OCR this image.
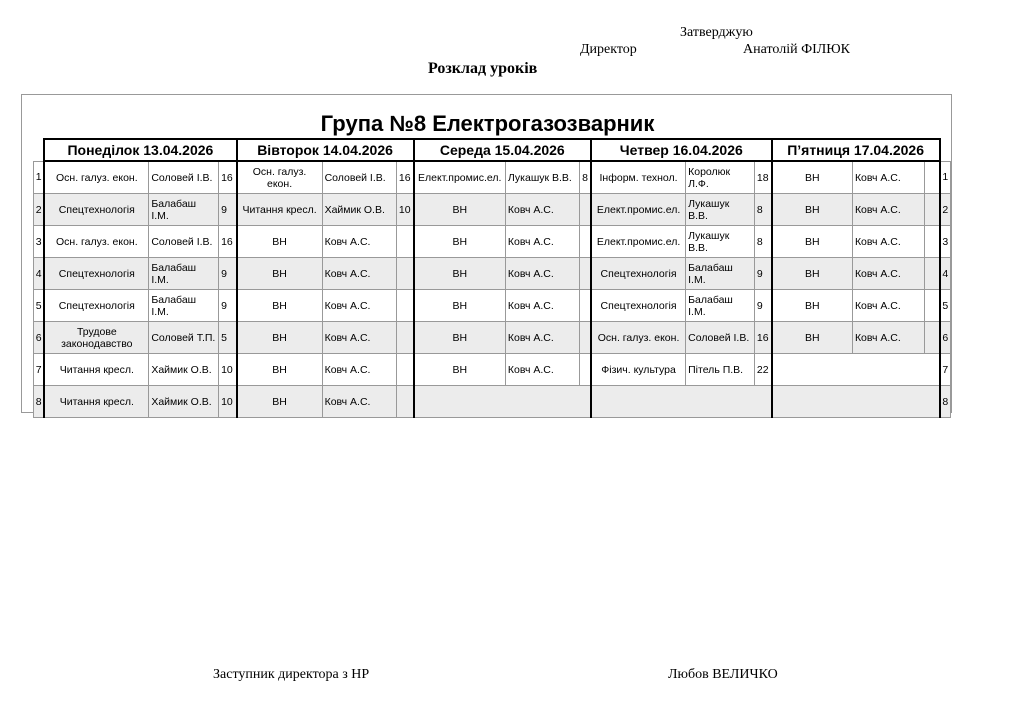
Затверджую
Директор	Анатолій ФІЛЮК
Розклад уроків
Група №8 Електрогазозварник
	Понеділок 13.04.2026			Вівторок 14.04.2026			Середа 15.04.2026			Четвер 16.04.2026			П’ятниця 17.04.2026			
1	Осн. галуз. екон.	Соловей І.В.	16	Осн. галуз. екон.	Соловей І.В.	16	Елект.промис.ел.	Лукашук В.В.	8	Інформ. технол.	Королюк Л.Ф.	18	ВН	Ковч А.С.		1
2	Спецтехнологія	Балабаш І.М.	9	Читання кресл.	Хаймик О.В.	10	ВН	Ковч А.С.		Елект.промис.ел.	Лукашук В.В.	8	ВН	Ковч А.С.		2
3	Осн. галуз. екон.	Соловей І.В.	16	ВН	Ковч А.С.		ВН	Ковч А.С.		Елект.промис.ел.	Лукашук В.В.	8	ВН	Ковч А.С.		3
4	Спецтехнологія	Балабаш І.М.	9	ВН	Ковч А.С.		ВН	Ковч А.С.		Спецтехнологія	Балабаш І.М.	9	ВН	Ковч А.С.		4
5	Спецтехнологія	Балабаш І.М.	9	ВН	Ковч А.С.		ВН	Ковч А.С.		Спецтехнологія	Балабаш І.М.	9	ВН	Ковч А.С.		5
6	Трудове законодавство	Соловей Т.П.	5	ВН	Ковч А.С.		ВН	Ковч А.С.		Осн. галуз. екон.	Соловей І.В.	16	ВН	Ковч А.С.		6
7	Читання кресл.	Хаймик О.В.	10	ВН	Ковч А.С.		ВН	Ковч А.С.		Фізич. культура	Пітель П.В.	22				7
8	Читання кресл.	Хаймик О.В.	10	ВН	Ковч А.С.											8
Заступник директора з НР	Любов ВЕЛИЧКО
